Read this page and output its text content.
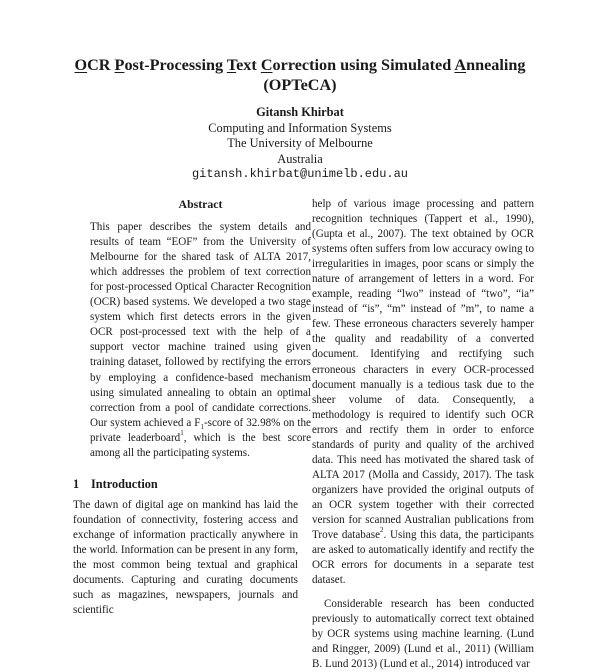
OCR Post-Processing Text Correction using Simulated Annealing
(OPTeCA)
Gitansh Khirbat
Computing and Information Systems
The University of Melbourne
Australia
gitansh.khirbat@unimelb.edu.au
Abstract

This paper describes the system details and results of team “EOF” from the University of Melbourne for the shared task of ALTA 2017, which addresses the problem of text correction for post-processed Optical Character Recognition (OCR) based systems. We developed a two stage system which first detects errors in the given OCR post-processed text with the help of a support vector machine trained using given training dataset, followed by rectifying the errors by employing a confidence-based mechanism using simulated annealing to obtain an optimal correction from a pool of candidate corrections. Our system achieved a $F_1$-score of 32.98% on the private leaderboard$^1$, which is the best score among all the participating systems.

1 Introduction

The dawn of digital age on mankind has laid the foundation of connectivity, fostering access and exchange of information practically anywhere in the world. Information can be present in any form, the most common being textual and graphical documents. Capturing and curating documents such as magazines, newspapers, journals and scientific

help of various image processing and pattern recognition techniques (Tappert et al., 1990), (Gupta et al., 2007). The text obtained by OCR systems often suffers from low accuracy owing to irregularities in images, poor scans or simply the nature of arrangement of letters in a word. For example, reading “lwo” instead of “two”, “ia” instead of “is”, “m” instead of ”m”, to name a few. These erroneous characters severely hamper the quality and readability of a converted document. Identifying and rectifying such erroneous characters in every OCR-processed document manually is a tedious task due to the sheer volume of data. Consequently, a methodology is required to identify such OCR errors and rectify them in order to enforce standards of purity and quality of the archived data. This need has motivated the shared task of ALTA 2017 (Molla and Cassidy, 2017). The task organizers have provided the original outputs of an OCR system together with their corrected version for scanned Australian publications from Trove database$^2$. Using this data, the participants are asked to automatically identify and rectify the OCR errors for documents in a separate test dataset.

Considerable research has been conducted previously to automatically correct text obtained by OCR systems using machine learning. (Lund and Ringger, 2009) (Lund et al., 2011) (William B. Lund 2013) (Lund et al., 2014) introduced var
